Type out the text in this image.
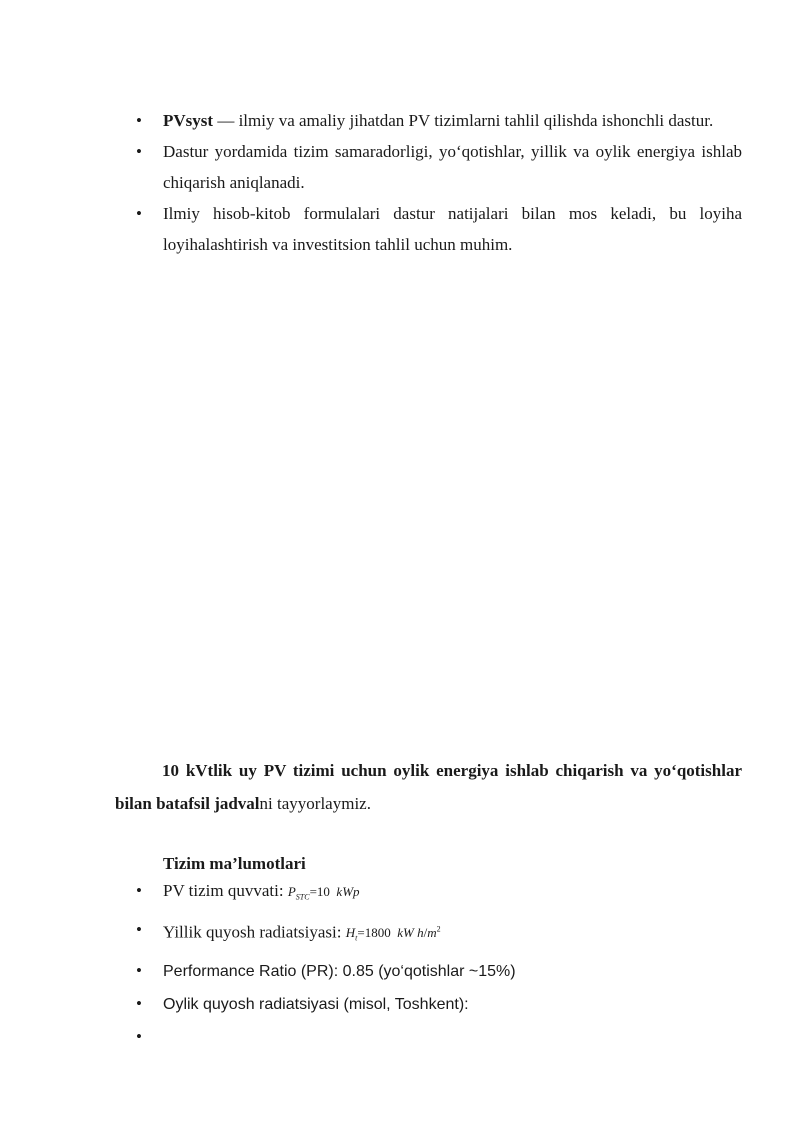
• PVsyst — ilmiy va amaliy jihatdan PV tizimlarni tahlil qilishda ishonchli dastur.
• Dastur yordamida tizim samaradorligi, yo‘qotishlar, yillik va oylik energiya ishlab chiqarish aniqlanadi.
• Ilmiy hisob-kitob formulalari dastur natijalari bilan mos keladi, bu loyiha loyihalashtirish va investitsion tahlil uchun muhim.

10 kVtlik uy PV tizimi uchun oylik energiya ishlab chiqarish va yo‘qotishlar bilan batafsil jadvalni tayyorlaymiz.

Tizim ma’lumotlari

• PV tizim quvvati: $P_{STC}=10$ kWp
• Yillik quyosh radiatsiyasi: $H_t=1800$ kW $h/m^2$
• Performance Ratio (PR): 0.85 (yo‘qotishlar ~15%)
• Oylik quyosh radiatsiyasi (misol, Toshkent):
•
